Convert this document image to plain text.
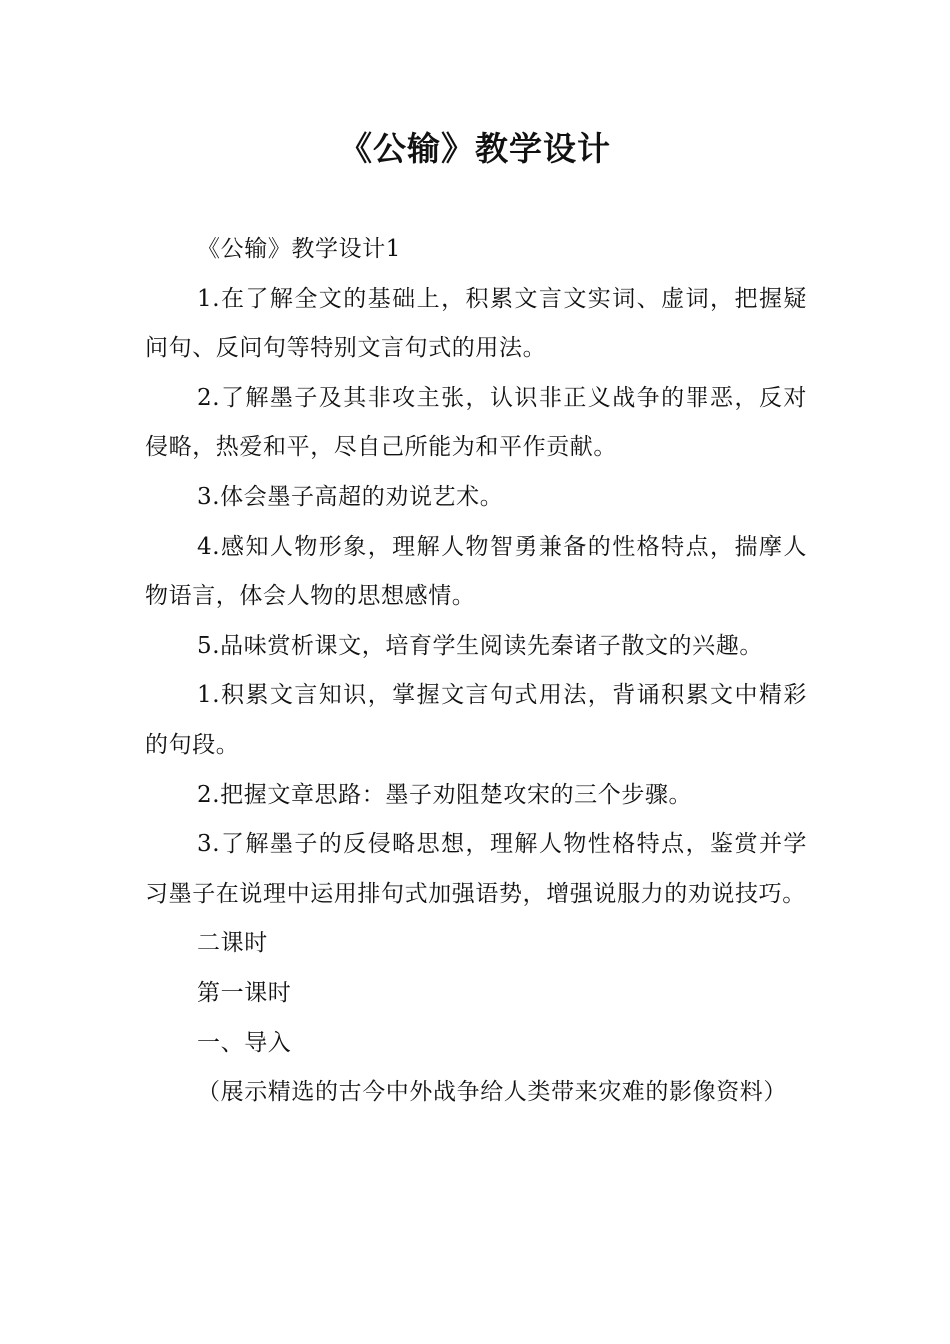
《公输》教学设计

《公输》教学设计1

1.在了解全文的基础上，积累文言文实词、虚词，把握疑问句、反问句等特别文言句式的用法。

2.了解墨子及其非攻主张，认识非正义战争的罪恶，反对侵略，热爱和平，尽自己所能为和平作贡献。

3.体会墨子高超的劝说艺术。

4.感知人物形象，理解人物智勇兼备的性格特点，揣摩人物语言，体会人物的思想感情。

5.品味赏析课文，培育学生阅读先秦诸子散文的兴趣。

1.积累文言知识，掌握文言句式用法，背诵积累文中精彩的句段。

2.把握文章思路：墨子劝阻楚攻宋的三个步骤。

3.了解墨子的反侵略思想，理解人物性格特点，鉴赏并学习墨子在说理中运用排句式加强语势，增强说服力的劝说技巧。

二课时

第一课时

一、导入

（展示精选的古今中外战争给人类带来灾难的影像资料）
